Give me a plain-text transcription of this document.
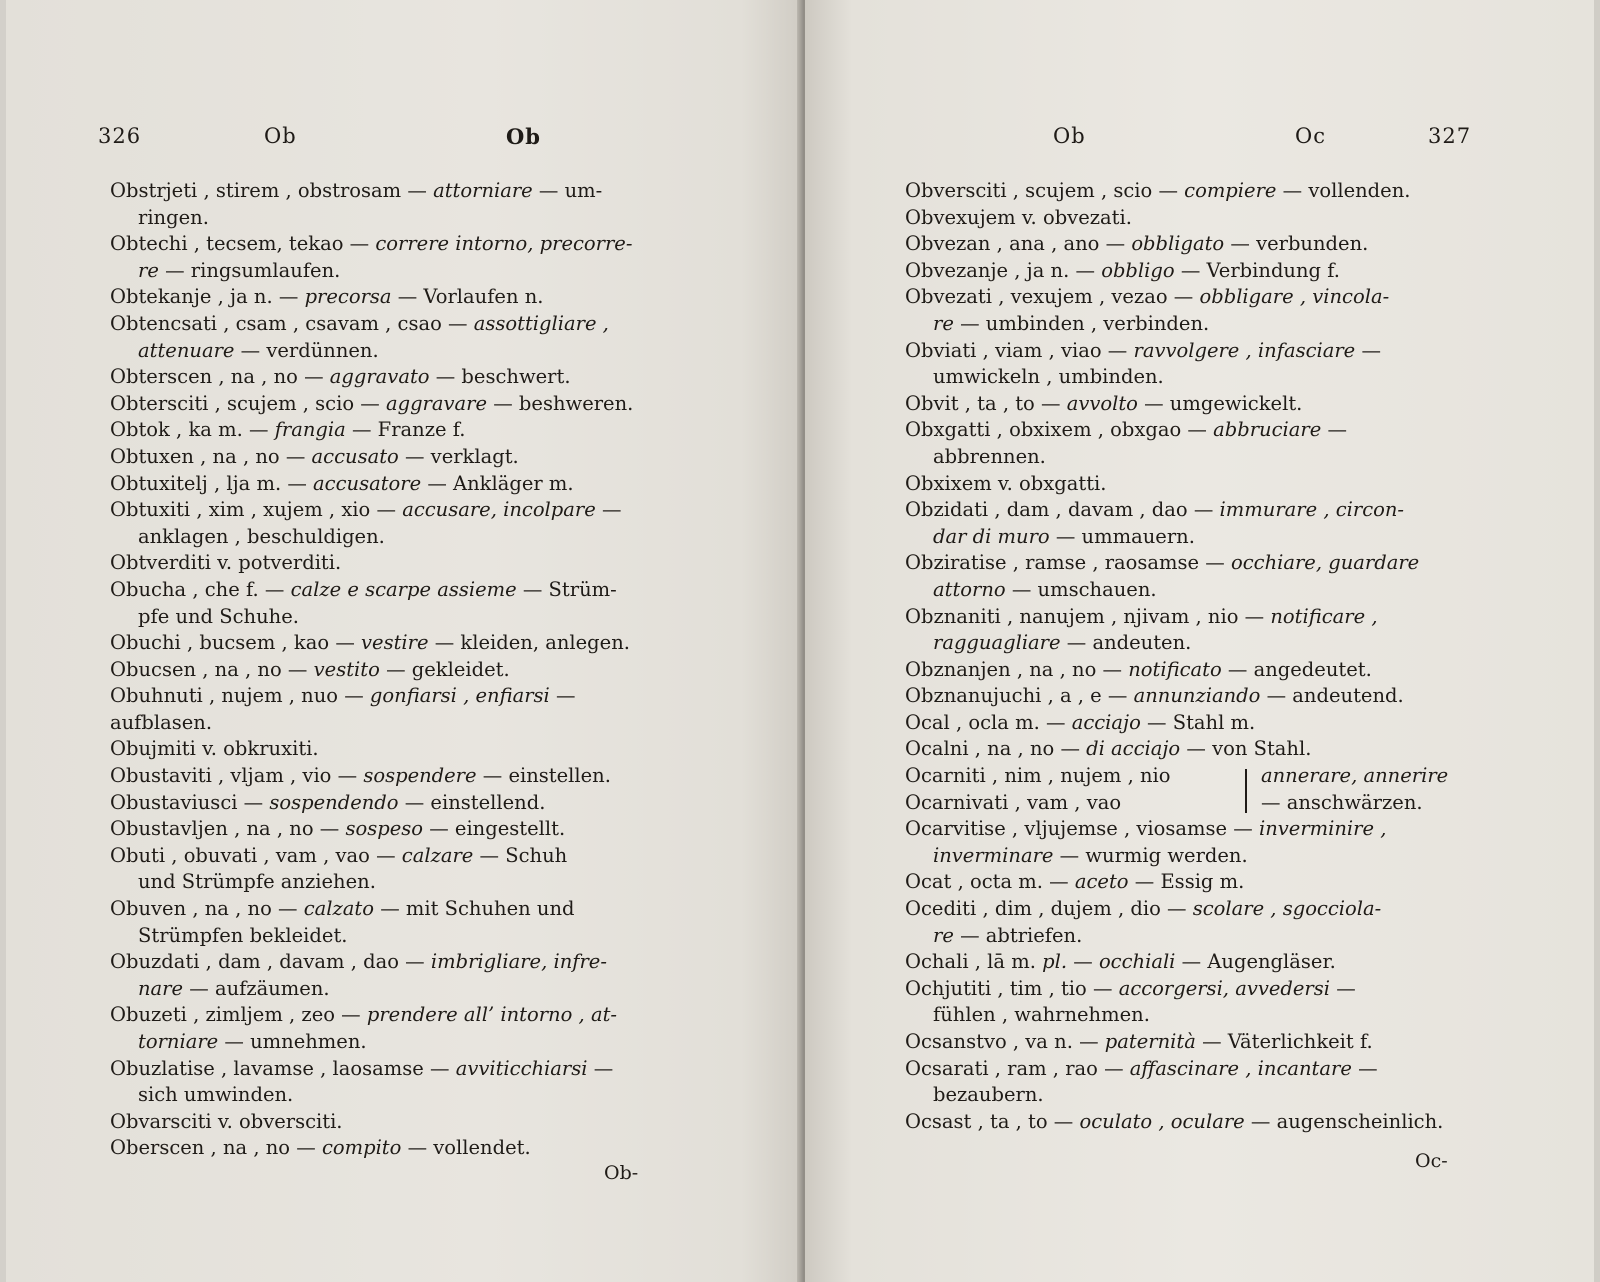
326	Ob	Ob
Obstrjeti , stirem , obstrosam — attorniare — um-
ringen.
Obtechi , tecsem, tekao — correre intorno, precorre-
re — ringsumlaufen.
Obtekanje , ja n. — precorsa — Vorlaufen n.
Obtencsati , csam , csavam , csao — assottigliare ,
attenuare — verdünnen.
Obterscen , na , no — aggravato — beschwert.
Obtersciti , scujem , scio — aggravare — beshweren.
Obtok , ka m. — frangia — Franze f.
Obtuxen , na , no — accusato — verklagt.
Obtuxitelj , lja m. — accusatore — Ankläger m.
Obtuxiti , xim , xujem , xio — accusare, incolpare —
anklagen , beschuldigen.
Obtverditi v. potverditi.
Obucha , che f. — calze e scarpe assieme — Strüm-
pfe und Schuhe.
Obuchi , bucsem , kao — vestire — kleiden, anlegen.
Obucsen , na , no — vestito — gekleidet.
Obuhnuti , nujem , nuo — gonfiarsi , enfiarsi — aufblasen.
Obujmiti v. obkruxiti.
Obustaviti , vljam , vio — sospendere — einstellen.
Obustaviusci — sospendendo — einstellend.
Obustavljen , na , no — sospeso — eingestellt.
Obuti , obuvati , vam , vao — calzare — Schuh
und Strümpfe anziehen.
Obuven , na , no — calzato — mit Schuhen und
Strümpfen bekleidet.
Obuzdati , dam , davam , dao — imbrigliare, infre-
nare — aufzäumen.
Obuzeti , zimljem , zeo — prendere all’ intorno , at-
torniare — umnehmen.
Obuzlatise , lavamse , laosamse — avviticchiarsi —
sich umwinden.
Obvarsciti v. obversciti.
Oberscen , na , no — compito — vollendet.
Ob-
Ob	Oc	327
Obversciti , scujem , scio — compiere — vollenden.
Obvexujem v. obvezati.
Obvezan , ana , ano — obbligato — verbunden.
Obvezanje , ja n. — obbligo — Verbindung f.
Obvezati , vexujem , vezao — obbligare , vincola-
re — umbinden , verbinden.
Obviati , viam , viao — ravvolgere , infasciare —
umwickeln , umbinden.
Obvit , ta , to — avvolto — umgewickelt.
Obxgatti , obxixem , obxgao — abbruciare —
abbrennen.
Obxixem v. obxgatti.
Obzidati , dam , davam , dao — immurare , circon-
dar di muro — ummauern.
Obziratise , ramse , raosamse — occhiare, guardare
attorno — umschauen.
Obznaniti , nanujem , njivam , nio — notificare ,
ragguagliare — andeuten.
Obznanjen , na , no — notificato — angedeutet.
Obznanujuchi , a , e — annunziando — andeutend.
Ocal , ocla m. — acciajo — Stahl m.
Ocalni , na , no — di acciajo — von Stahl.
Ocarniti , nim , nujem , nio
Ocarnivati , vam , vao
annerare, annerire
— anschwärzen.
Ocarvitise , vljujemse , viosamse — inverminire ,
inverminare — wurmig werden.
Ocat , octa m. — aceto — Essig m.
Ocediti , dim , dujem , dio — scolare , sgocciola-
re — abtriefen.
Ochali , lā m. pl. — occhiali — Augengläser.
Ochjutiti , tim , tio — accorgersi, avvedersi —
fühlen , wahrnehmen.
Ocsanstvo , va n. — paternità — Väterlichkeit f.
Ocsarati , ram , rao — affascinare , incantare —
bezaubern.
Ocsast , ta , to — oculato , oculare — augenscheinlich.
Oc-
